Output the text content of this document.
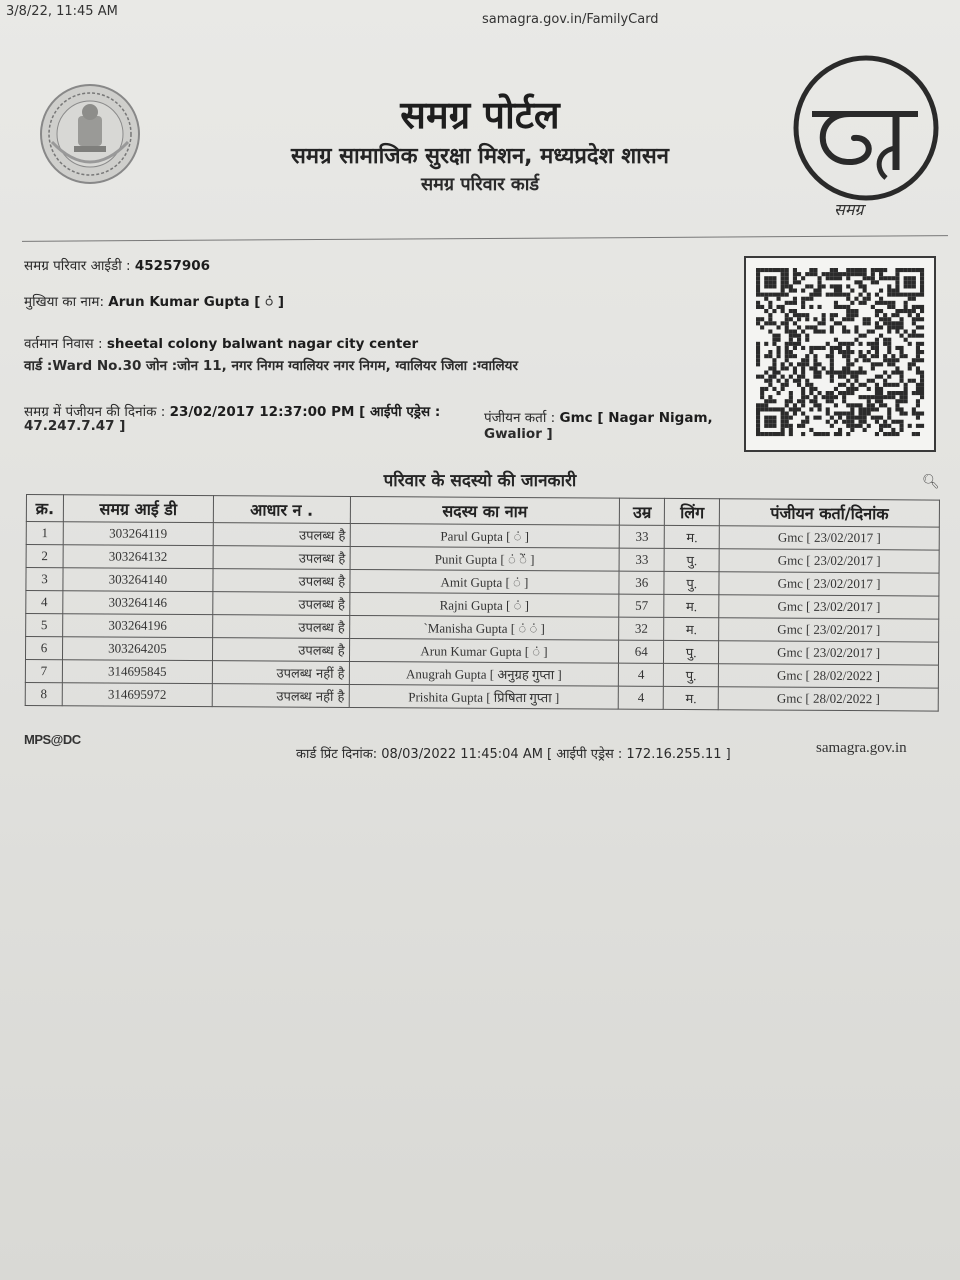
3/8/22, 11:45 AM
samagra.gov.in/FamilyCard
समग्र पोर्टल
समग्र सामाजिक सुरक्षा मिशन, मध्यप्रदेश शासन
समग्र परिवार कार्ड
समग्र
समग्र परिवार आईडी : 45257906
मुखिया का नाम: Arun Kumar Gupta [ ं ]
वर्तमान निवास : sheetal colony balwant nagar city center
वार्ड :Ward No.30 जोन :जोन 11, नगर निगम ग्वालियर नगर निगम, ग्वालियर जिला :ग्वालियर
समग्र में पंजीयन की दिनांक : 23/02/2017 12:37:00 PM [ आईपी एड्रेस :
47.247.7.47 ]	पंजीयन कर्ता : Gmc [ Nagar Nigam,
Gwalior ]
परिवार के सदस्यो की जानकारी	🔍︎
क्र.	समग्र आई डी	आधार न .	सदस्य का नाम	उम्र	लिंग	पंजीयन कर्ता/दिनांक
1	303264119	उपलब्ध है	Parul Gupta [ ं ]	33	म.	Gmc [ 23/02/2017 ]
2	303264132	उपलब्ध है	Punit Gupta [ ं ें ]	33	पु.	Gmc [ 23/02/2017 ]
3	303264140	उपलब्ध है	Amit Gupta [ ं ]	36	पु.	Gmc [ 23/02/2017 ]
4	303264146	उपलब्ध है	Rajni Gupta [ ं ]	57	म.	Gmc [ 23/02/2017 ]
5	303264196	उपलब्ध है	`Manisha Gupta [ ं ं ]	32	म.	Gmc [ 23/02/2017 ]
6	303264205	उपलब्ध है	Arun Kumar Gupta [ ं ]	64	पु.	Gmc [ 23/02/2017 ]
7	314695845	उपलब्ध नहीं है	Anugrah Gupta [ अनुग्रह गुप्ता ]	4	पु.	Gmc [ 28/02/2022 ]
8	314695972	उपलब्ध नहीं है	Prishita Gupta [ प्रिषिता गुप्ता ]	4	म.	Gmc [ 28/02/2022 ]
MPS@DC
कार्ड प्रिंट दिनांक: 08/03/2022 11:45:04 AM [ आईपी एड्रेस : 172.16.255.11 ]	samagra.gov.in
